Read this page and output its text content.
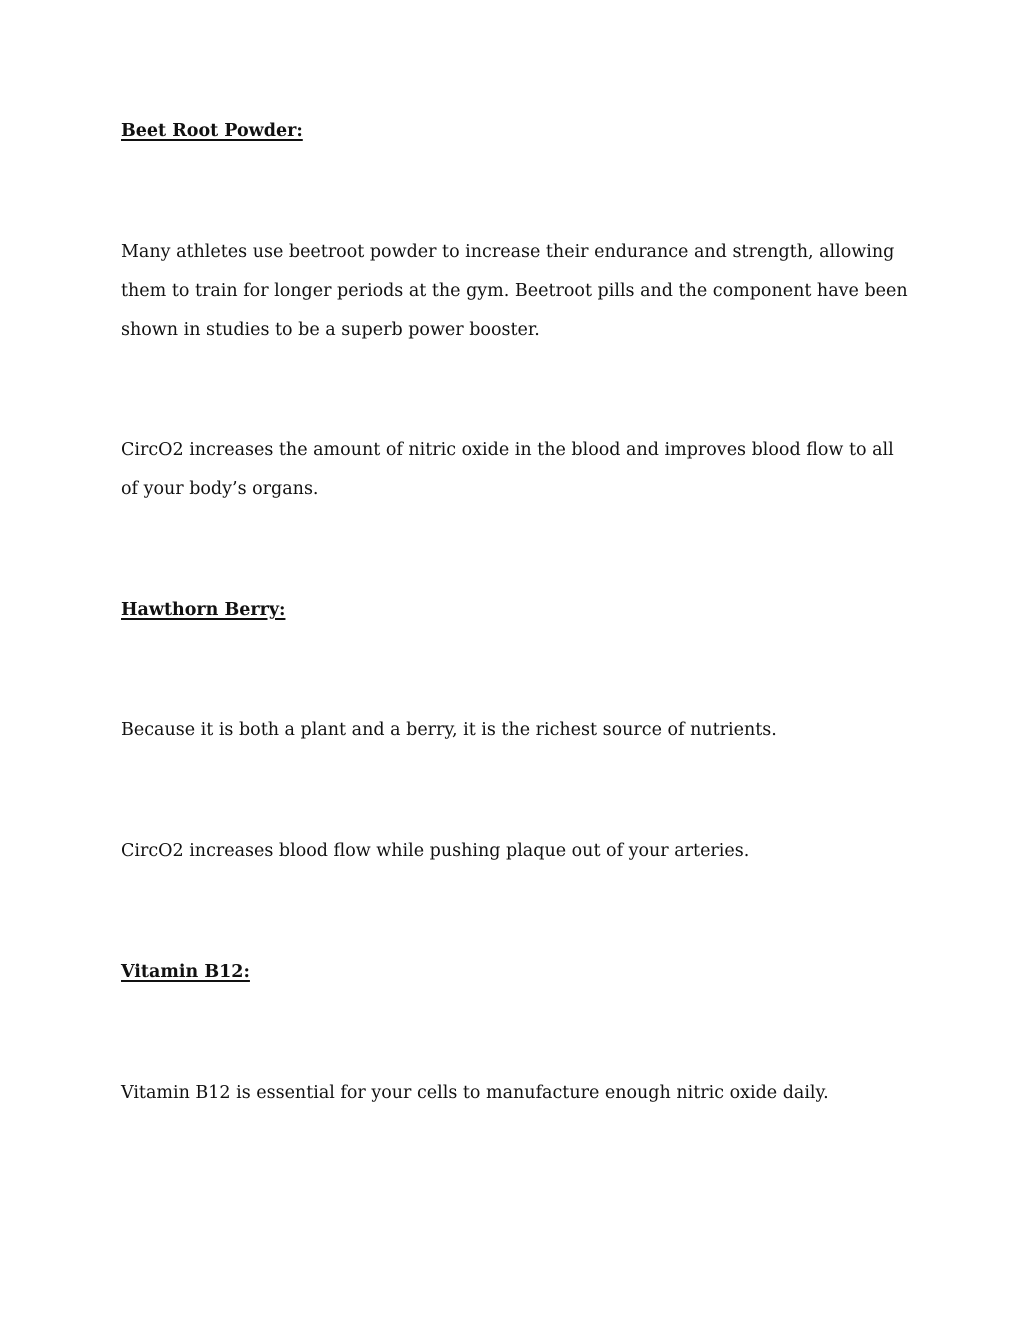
Beet Root Powder:

Many athletes use beetroot powder to increase their endurance and strength, allowing them to train for longer periods at the gym. Beetroot pills and the component have been shown in studies to be a superb power booster.

CircO2 increases the amount of nitric oxide in the blood and improves blood flow to all of your body’s organs.

Hawthorn Berry:

Because it is both a plant and a berry, it is the richest source of nutrients.

CircO2 increases blood flow while pushing plaque out of your arteries.

Vitamin B12:

Vitamin B12 is essential for your cells to manufacture enough nitric oxide daily.
